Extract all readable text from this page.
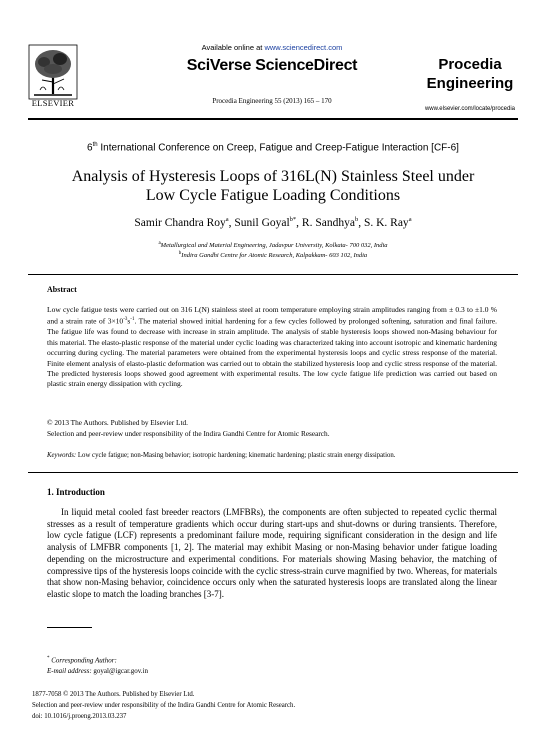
Available online at www.sciencedirect.com
SciVerse ScienceDirect
Procedia Engineering 55 (2013) 165 – 170
ELSEVIER
Procedia
Engineering
www.elsevier.com/locate/procedia
6th International Conference on Creep, Fatigue and Creep-Fatigue Interaction [CF-6]
Analysis of Hysteresis Loops of 316L(N) Stainless Steel under
Low Cycle Fatigue Loading Conditions
Samir Chandra Roy$^a$, Sunil Goyal$^{b*}$, R. Sandhya$^b$, S. K. Ray$^a$
$^a$Metallurgical and Material Engineering, Jadavpur University, Kolkata- 700 032, India
$^b$Indira Gandhi Centre for Atomic Research, Kalpakkam- 603 102, India
Abstract
Low cycle fatigue tests were carried out on 316 L(N) stainless steel at room temperature employing strain amplitudes ranging from ± 0.3 to ±1.0 % and a strain rate of $3\times 10^{-3}s^{-1}$. The material showed initial hardening for a few cycles followed by prolonged softening, saturation and final failure. The fatigue life was found to decrease with increase in strain amplitude. The analysis of stable hysteresis loops showed non-Masing behaviour for this material. The elasto-plastic response of the material under cyclic loading was characterized taking into account isotropic and kinematic hardening occurring during cycling. The material parameters were obtained from the experimental hysteresis loops and cyclic stress response of the material. Finite element analysis of elasto-plastic deformation was carried out to obtain the stabilized hysteresis loop and cyclic stress response of the material. The predicted hysteresis loops showed good agreement with experimental results. The low cycle fatigue life prediction was carried out based on plastic strain energy dissipation with cycling.
© 2013 The Authors. Published by Elsevier Ltd.
Selection and peer-review under responsibility of the Indira Gandhi Centre for Atomic Research.
Keywords: Low cycle fatigue; non-Masing behavior; isotropic hardening; kinematic hardening; plastic strain energy dissipation.
1. Introduction
In liquid metal cooled fast breeder reactors (LMFBRs), the components are often subjected to repeated cyclic thermal stresses as a result of temperature gradients which occur during start-ups and shut-downs or during transients. Therefore, low cycle fatigue (LCF) represents a predominant failure mode, requiring significant consideration in the design and life analysis of LMFBR components [1, 2]. The material may exhibit Masing or non-Masing behavior under fatigue loading depending on the microstructure and experimental conditions. For materials showing Masing behavior, the matching of compressive tips of the hysteresis loops coincide with the cyclic stress-strain curve magnified by two. Whereas, for materials that show non-Masing behavior, coincidence occurs only when the saturated hysteresis loops are translated along the linear elastic slope to match the loading branches [3-7].
* Corresponding Author:
E-mail address: goyal@igcar.gov.in
1877-7058 © 2013 The Authors. Published by Elsevier Ltd.
Selection and peer-review under responsibility of the Indira Gandhi Centre for Atomic Research.
doi: 10.1016/j.proeng.2013.03.237
